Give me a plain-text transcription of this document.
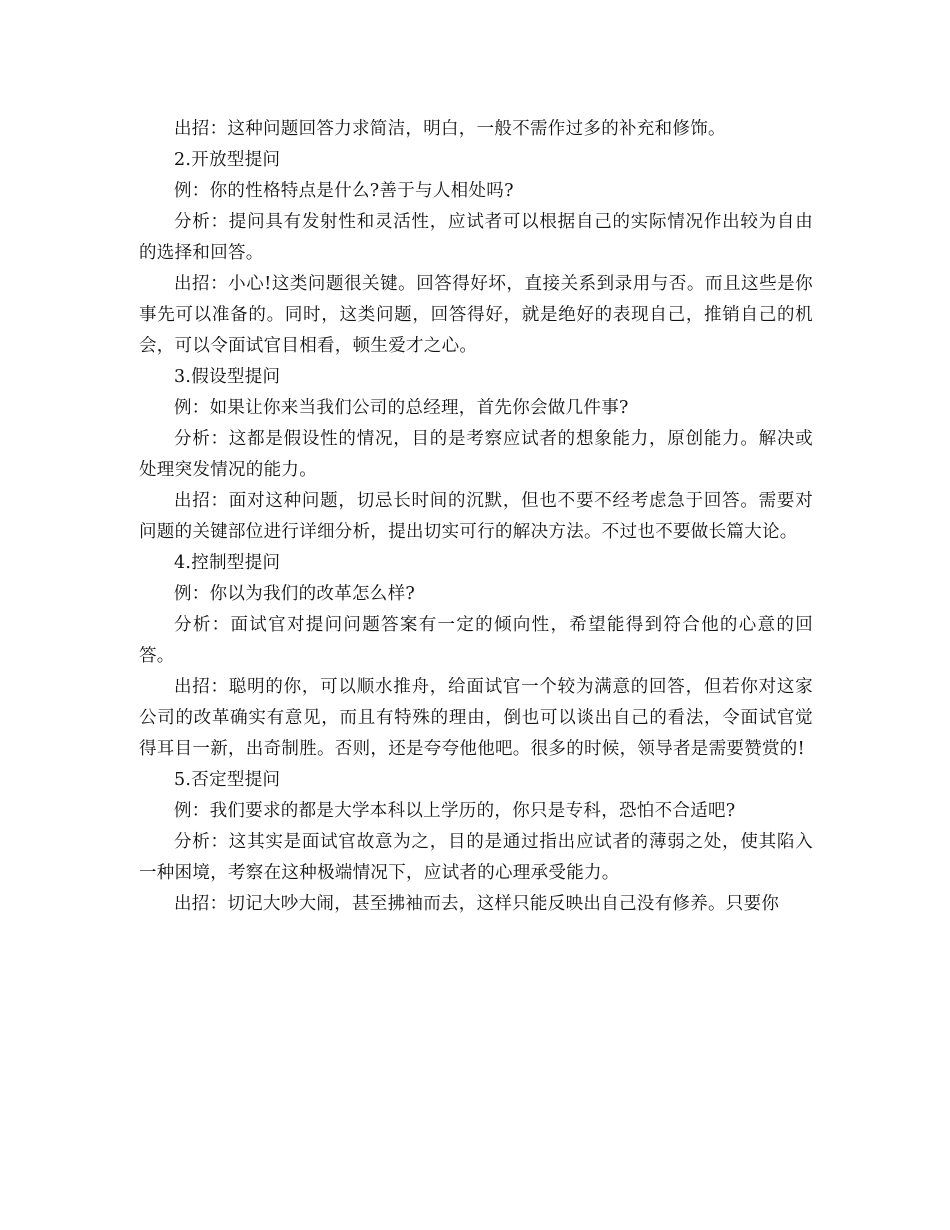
出招：这种问题回答力求简洁，明白，一般不需作过多的补充和修饰。

2.开放型提问

例：你的性格特点是什么?善于与人相处吗?

分析：提问具有发射性和灵活性，应试者可以根据自己的实际情况作出较为自由的选择和回答。

出招：小心!这类问题很关键。回答得好坏，直接关系到录用与否。而且这些是你事先可以准备的。同时，这类问题，回答得好，就是绝好的表现自己，推销自己的机会，可以令面试官目相看，顿生爱才之心。

3.假设型提问

例：如果让你来当我们公司的总经理，首先你会做几件事?

分析：这都是假设性的情况，目的是考察应试者的想象能力，原创能力。解决或处理突发情况的能力。

出招：面对这种问题，切忌长时间的沉默，但也不要不经考虑急于回答。需要对问题的关键部位进行详细分析，提出切实可行的解决方法。不过也不要做长篇大论。

4.控制型提问

例：你以为我们的改革怎么样?

分析：面试官对提问问题答案有一定的倾向性，希望能得到符合他的心意的回答。

出招：聪明的你，可以顺水推舟，给面试官一个较为满意的回答，但若你对这家公司的改革确实有意见，而且有特殊的理由，倒也可以谈出自己的看法，令面试官觉得耳目一新，出奇制胜。否则，还是夸夸他他吧。很多的时候，领导者是需要赞赏的!

5.否定型提问

例：我们要求的都是大学本科以上学历的，你只是专科，恐怕不合适吧?

分析：这其实是面试官故意为之，目的是通过指出应试者的薄弱之处，使其陷入一种困境，考察在这种极端情况下，应试者的心理承受能力。

出招：切记大吵大闹，甚至拂袖而去，这样只能反映出自己没有修养。只要你
